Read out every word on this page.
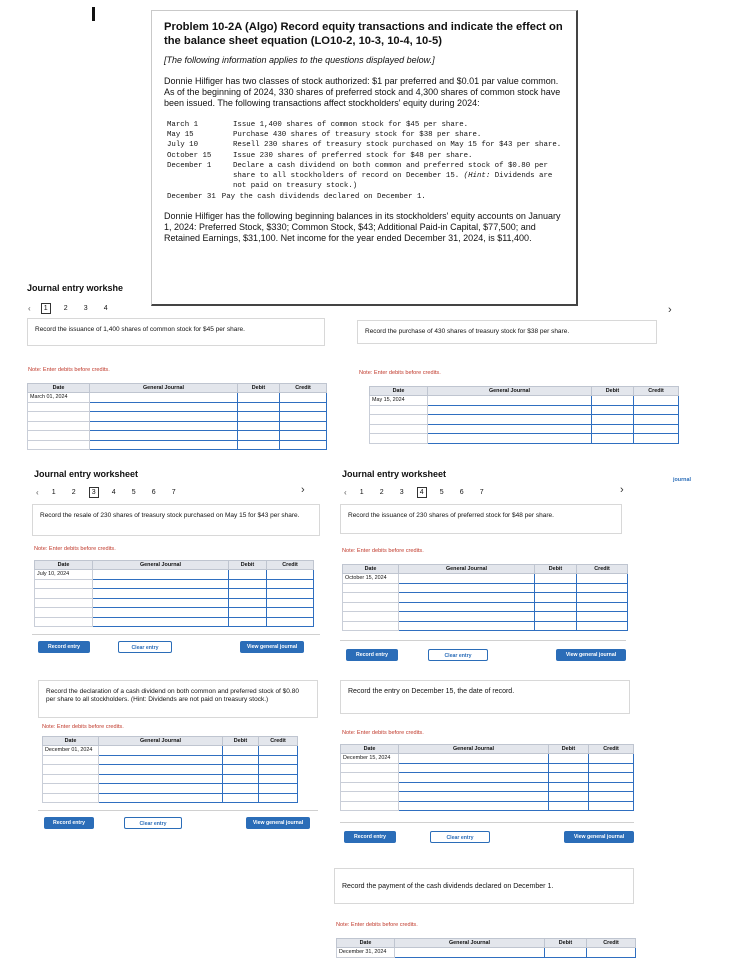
Problem 10-2A (Algo) Record equity transactions and indicate the effect on the balance sheet equation (LO10-2, 10-3, 10-4, 10-5)
[The following information applies to the questions displayed below.]

Donnie Hilfiger has two classes of stock authorized: $1 par preferred and $0.01 par value common. As of the beginning of 2024, 330 shares of preferred stock and 4,300 shares of common stock have been issued. The following transactions affect stockholders' equity during 2024:

March 1	Issue 1,400 shares of common stock for $45 per share.
May 15	Purchase 430 shares of treasury stock for $38 per share.
July 10	Resell 230 shares of treasury stock purchased on May 15 for $43 per share.
October 15	Issue 230 shares of preferred stock for $48 per share.
December 1	Declare a cash dividend on both common and preferred stock of $0.80 per share to all stockholders of record on December 15. (Hint: Dividends are not paid on treasury stock.)
December 31 Pay the cash dividends declared on December 1.

Donnie Hilfiger has the following beginning balances in its stockholders' equity accounts on January 1, 2024: Preferred Stock, $330; Common Stock, $43; Additional Paid-in Capital, $77,500; and Retained Earnings, $31,100. Net income for the year ended December 31, 2024, is $11,400.

Journal entry workshe
‹	1	2	3	4
Record the issuance of 1,400 shares of common stock for $45 per share.
Note: Enter debits before credits.
Date	General Journal	Debit	Credit
March 01, 2024			

›
Record the purchase of 430 shares of treasury stock for $38 per share.
Note: Enter debits before credits.
Date	General Journal	Debit	Credit
May 15, 2024			

journal
Journal entry worksheet
‹	1	2	3	4	5	6	7	›
Record the resale of 230 shares of treasury stock purchased on May 15 for $43 per share.
Note: Enter debits before credits.
Date	General Journal	Debit	Credit
July 10, 2024			

Record entry	Clear entry	View general journal
Journal entry worksheet
‹	1	2	3	4	5	6	7	›
Record the issuance of 230 shares of preferred stock for $48 per share.
Note: Enter debits before credits.
Date	General Journal	Debit	Credit
October 15, 2024			

Record entry	Clear entry	View general journal
Record the declaration of a cash dividend on both common and preferred stock of $0.80 per share to all stockholders. (Hint: Dividends are not paid on treasury stock.)
Note: Enter debits before credits.
Date	General Journal	Debit	Credit
December 01, 2024			

Record entry	Clear entry	View general journal
Record the entry on December 15, the date of record.
Note: Enter debits before credits.
Date	General Journal	Debit	Credit
December 15, 2024			

Record entry	Clear entry	View general journal
Record the payment of the cash dividends declared on December 1.
Note: Enter debits before credits.
Date	General Journal	Debit	Credit
December 31, 2024			
